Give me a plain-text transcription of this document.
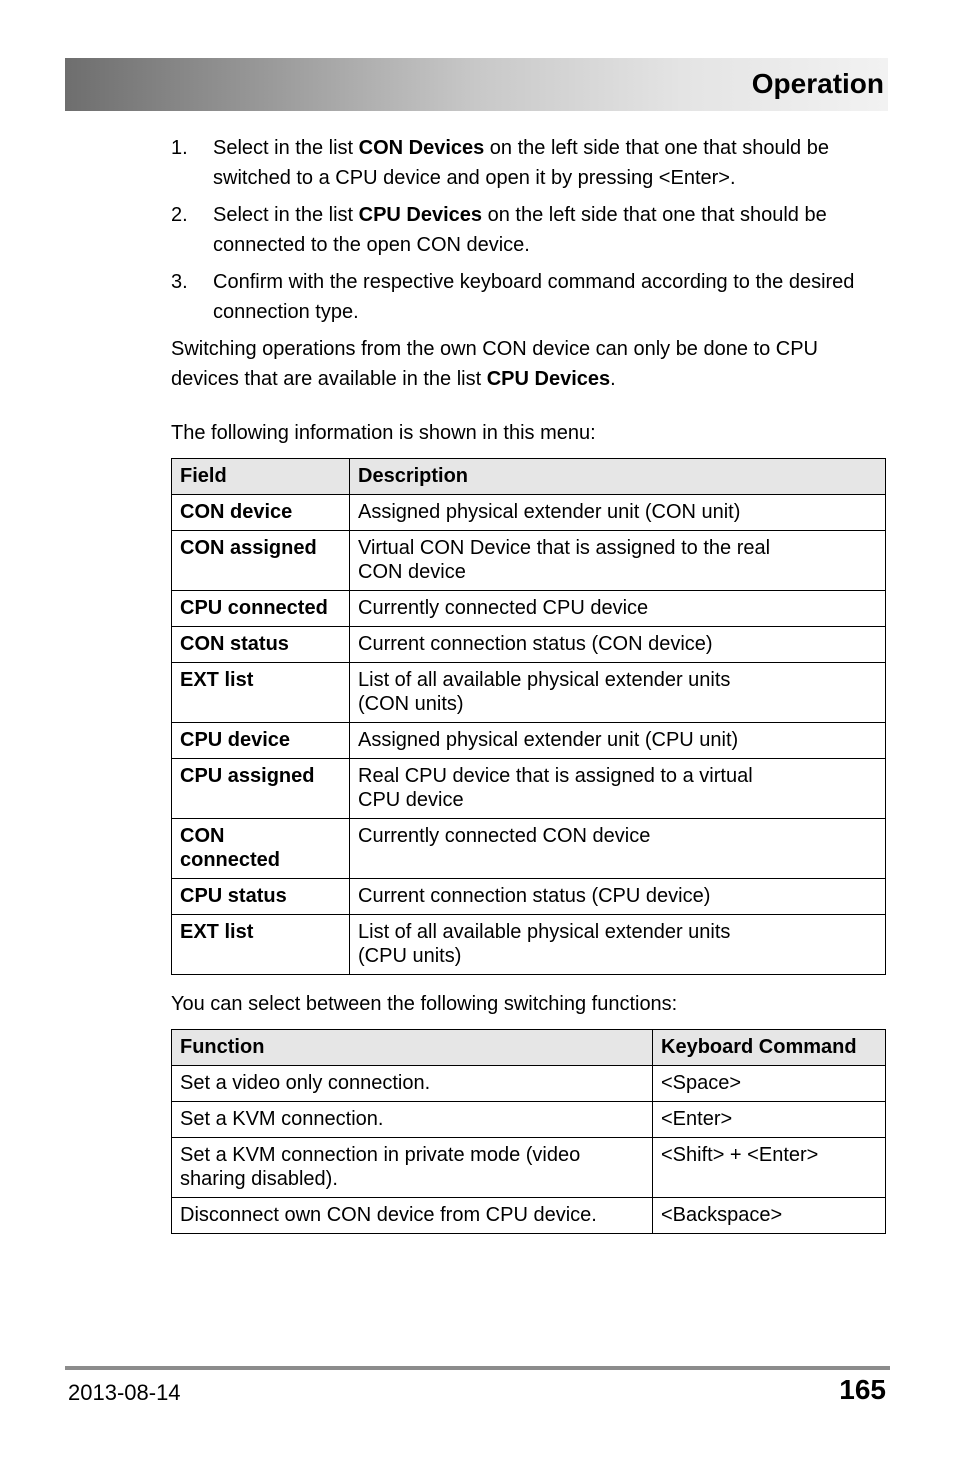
Operation
1.	Select in the list CON Devices on the left side that one that should be switched to a CPU device and open it by pressing <Enter>.
2.	Select in the list CPU Devices on the left side that one that should be connected to the open CON device.
3.	Confirm with the respective keyboard command according to the desired connection type.
Switching operations from the own CON device can only be done to CPU devices that are available in the list CPU Devices.
The following information is shown in this menu:
Field	Description
CON device	Assigned physical extender unit (CON unit)
CON assigned	Virtual CON Device that is assigned to the real
CON device
CPU connected	Currently connected CPU device
CON status	Current connection status (CON device)
EXT list	List of all available physical extender units
(CON units)
CPU device	Assigned physical extender unit (CPU unit)
CPU assigned	Real CPU device that is assigned to a virtual
CPU device
CON
connected	Currently connected CON device
CPU status	Current connection status (CPU device)
EXT list	List of all available physical extender units
(CPU units)
You can select between the following switching functions:
Function	Keyboard Command
Set a video only connection.	<Space>
Set a KVM connection.	<Enter>
Set a KVM connection in private mode (video
sharing disabled).	<Shift> + <Enter>
Disconnect own CON device from CPU device.	<Backspace>
2013-08-14	165
